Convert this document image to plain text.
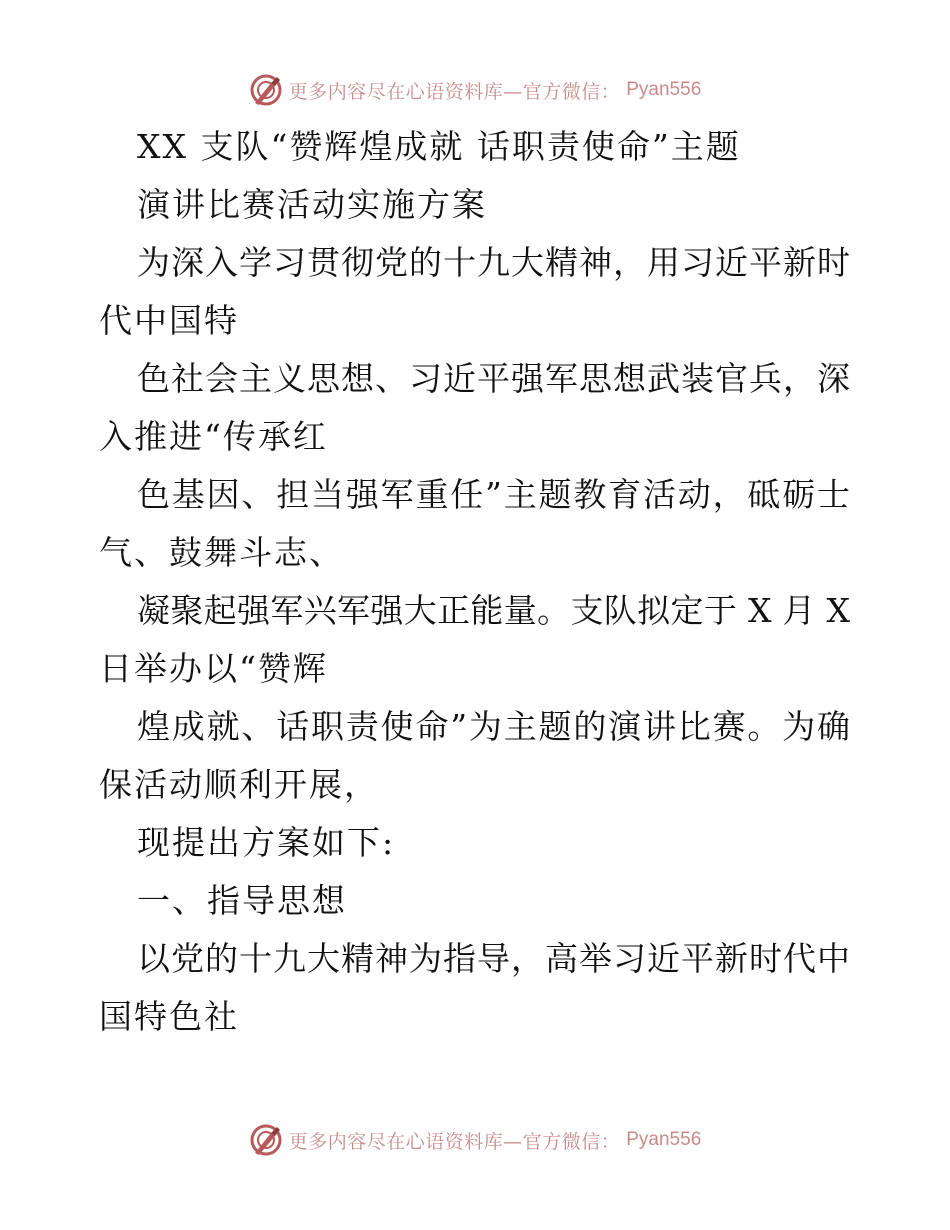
更多内容尽在心语资料库—官方微信： Pyan556
XX 支队“赞辉煌成就 话职责使命”主题
演讲比赛活动实施方案
为深入学习贯彻党的十九大精神，用习近平新时
代中国特
色社会主义思想、习近平强军思想武装官兵，深
入推进“传承红
色基因、担当强军重任”主题教育活动，砥砺士
气、鼓舞斗志、
凝聚起强军兴军强大正能量。支队拟定于 X 月 X
日举办以“赞辉
煌成就、话职责使命”为主题的演讲比赛。为确
保活动顺利开展，
现提出方案如下:
一、指导思想
以党的十九大精神为指导，高举习近平新时代中
国特色社
更多内容尽在心语资料库—官方微信： Pyan556
